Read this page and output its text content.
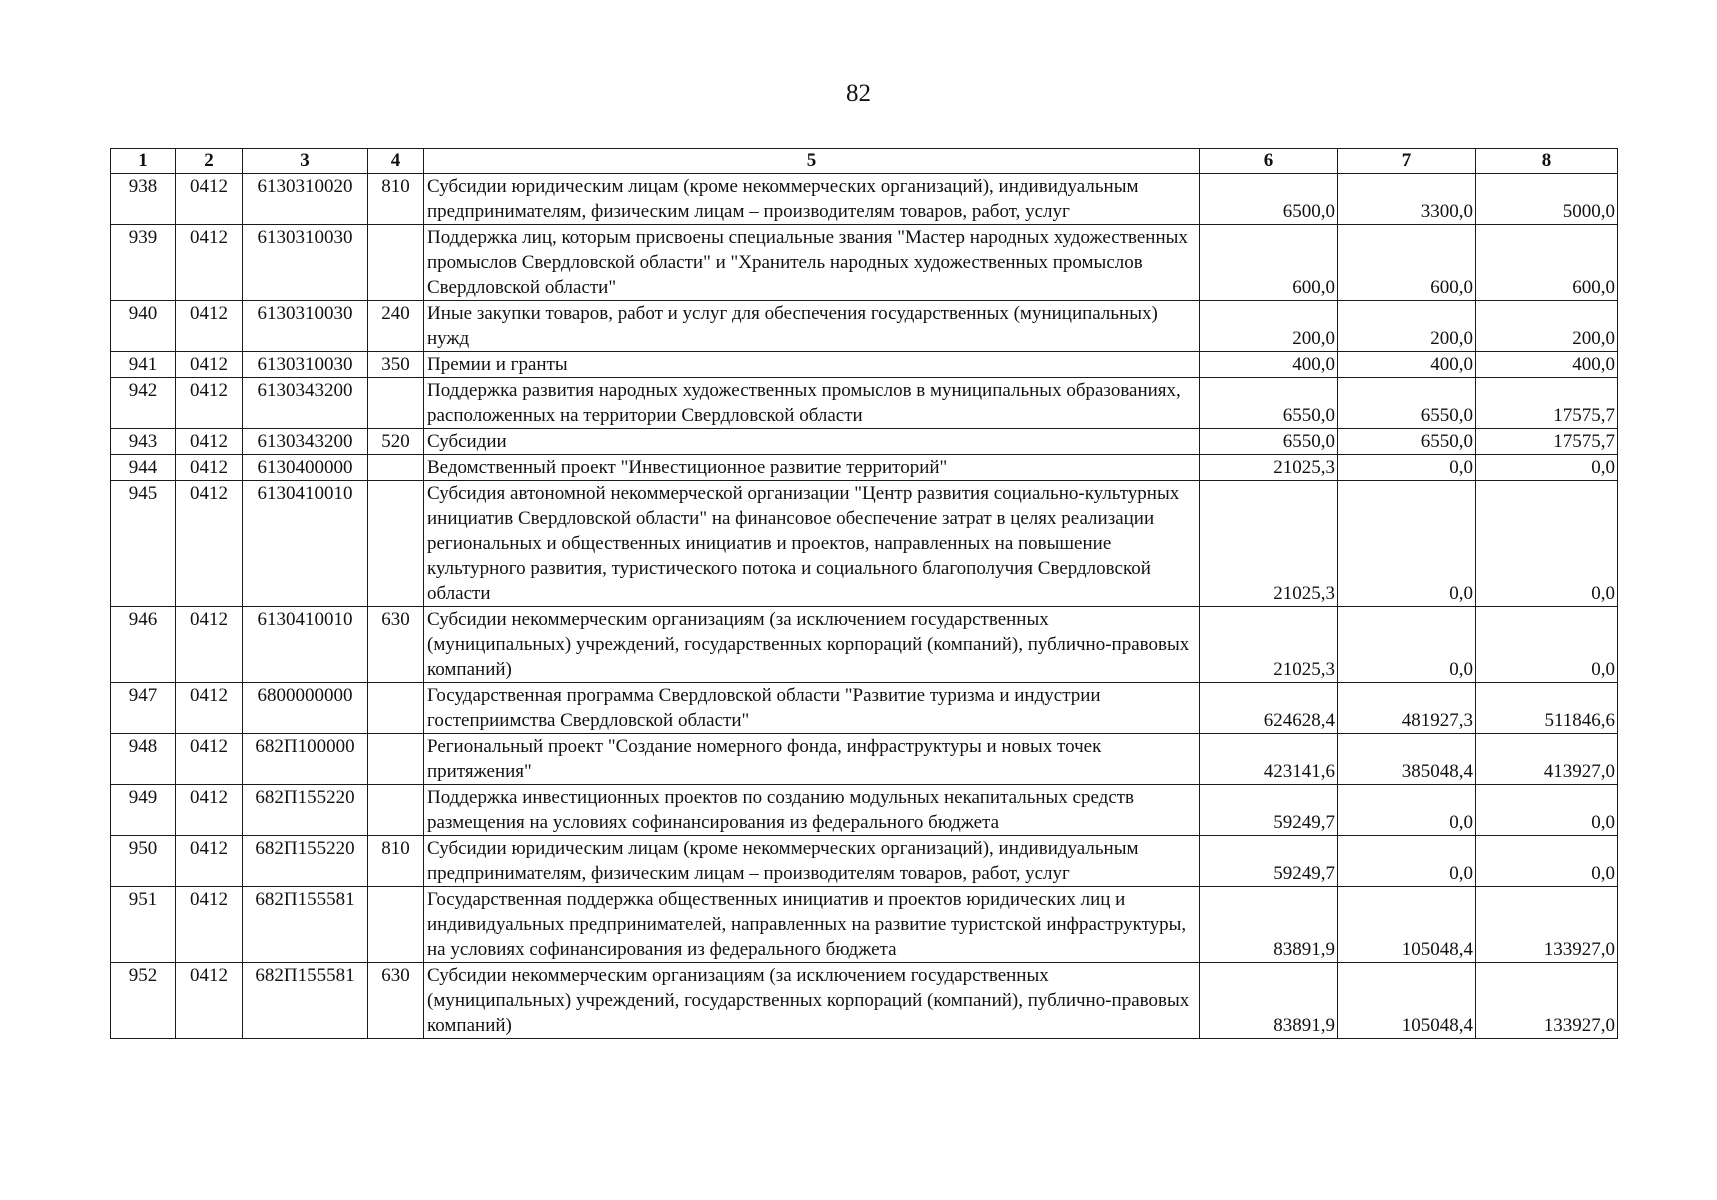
82
1	2	3	4	5	6	7	8
938	0412	6130310020	810	Субсидии юридическим лицам (кроме некоммерческих организаций), индивидуальным предпринимателям, физическим лицам – производителям товаров, работ, услуг	6500,0	3300,0	5000,0
939	0412	6130310030		Поддержка лиц, которым присвоены специальные звания "Мастер народных художественных промыслов Свердловской области" и "Хранитель народных художественных промыслов Свердловской области"	600,0	600,0	600,0
940	0412	6130310030	240	Иные закупки товаров, работ и услуг для обеспечения государственных (муниципальных) нужд	200,0	200,0	200,0
941	0412	6130310030	350	Премии и гранты	400,0	400,0	400,0
942	0412	6130343200		Поддержка развития народных художественных промыслов в муниципальных образованиях, расположенных на территории Свердловской области	6550,0	6550,0	17575,7
943	0412	6130343200	520	Субсидии	6550,0	6550,0	17575,7
944	0412	6130400000		Ведомственный проект "Инвестиционное развитие территорий"	21025,3	0,0	0,0
945	0412	6130410010		Субсидия автономной некоммерческой организации "Центр развития социально-культурных инициатив Свердловской области" на финансовое обеспечение затрат в целях реализации региональных и общественных инициатив и проектов, направленных на повышение культурного развития, туристического потока и социального благополучия Свердловской области	21025,3	0,0	0,0
946	0412	6130410010	630	Субсидии некоммерческим организациям (за исключением государственных (муниципальных) учреждений, государственных корпораций (компаний), публично-правовых компаний)	21025,3	0,0	0,0
947	0412	6800000000		Государственная программа Свердловской области "Развитие туризма и индустрии гостеприимства Свердловской области"	624628,4	481927,3	511846,6
948	0412	682П100000		Региональный проект "Создание номерного фонда, инфраструктуры и новых точек притяжения"	423141,6	385048,4	413927,0
949	0412	682П155220		Поддержка инвестиционных проектов по созданию модульных некапитальных средств размещения на условиях софинансирования из федерального бюджета	59249,7	0,0	0,0
950	0412	682П155220	810	Субсидии юридическим лицам (кроме некоммерческих организаций), индивидуальным предпринимателям, физическим лицам – производителям товаров, работ, услуг	59249,7	0,0	0,0
951	0412	682П155581		Государственная поддержка общественных инициатив и проектов юридических лиц и индивидуальных предпринимателей, направленных на развитие туристской инфраструктуры, на условиях софинансирования из федерального бюджета	83891,9	105048,4	133927,0
952	0412	682П155581	630	Субсидии некоммерческим организациям (за исключением государственных (муниципальных) учреждений, государственных корпораций (компаний), публично-правовых компаний)	83891,9	105048,4	133927,0
